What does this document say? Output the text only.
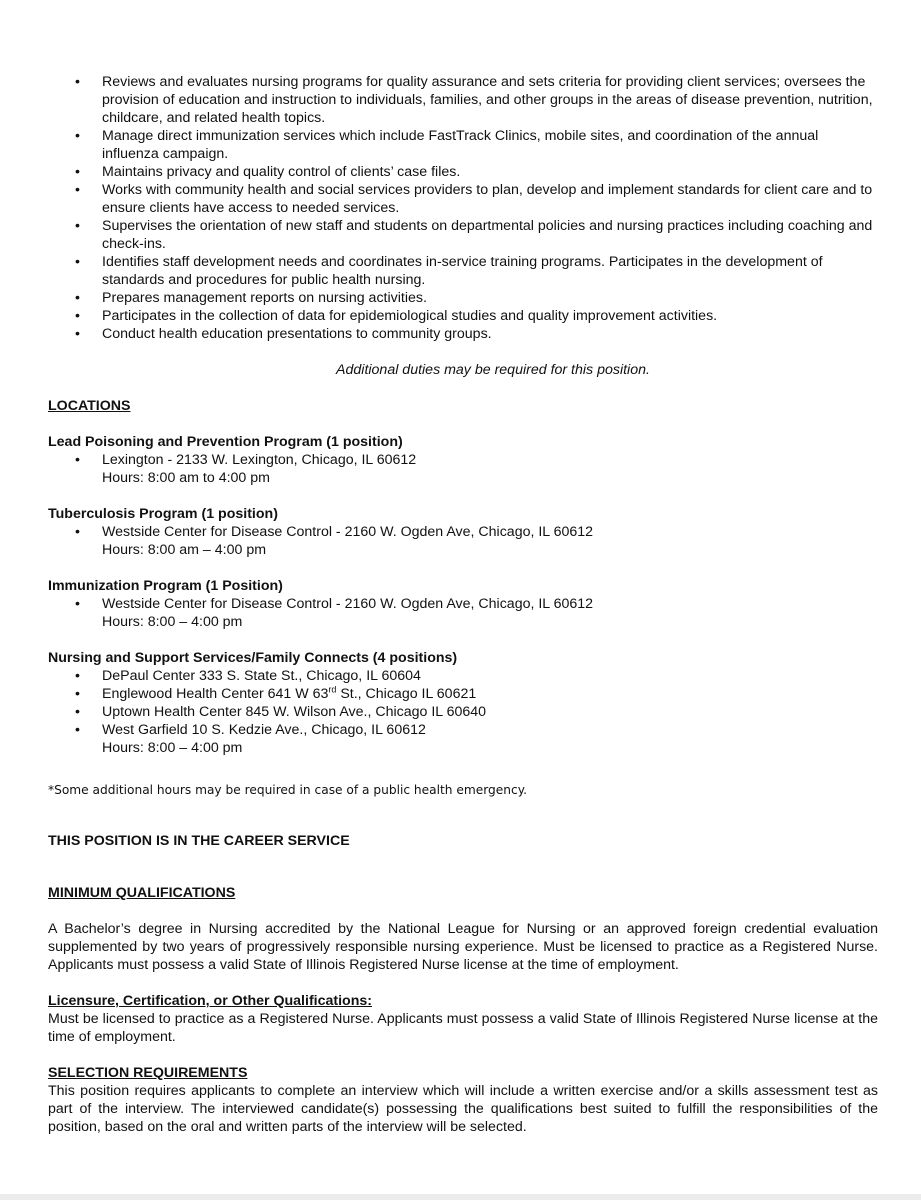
• Reviews and evaluates nursing programs for quality assurance and sets criteria for providing client services; oversees the provision of education and instruction to individuals, families, and other groups in the areas of disease prevention, nutrition, childcare, and related health topics.
• Manage direct immunization services which include FastTrack Clinics, mobile sites, and coordination of the annual influenza campaign.
• Maintains privacy and quality control of clients’ case files.
• Works with community health and social services providers to plan, develop and implement standards for client care and to ensure clients have access to needed services.
• Supervises the orientation of new staff and students on departmental policies and nursing practices including coaching and check-ins.
• Identifies staff development needs and coordinates in-service training programs. Participates in the development of standards and procedures for public health nursing.
• Prepares management reports on nursing activities.
• Participates in the collection of data for epidemiological studies and quality improvement activities.
• Conduct health education presentations to community groups.
Additional duties may be required for this position.
LOCATIONS
Lead Poisoning and Prevention Program (1 position)
• Lexington - 2133 W. Lexington, Chicago, IL 60612
Hours: 8:00 am to 4:00 pm
Tuberculosis Program (1 position)
• Westside Center for Disease Control - 2160 W. Ogden Ave, Chicago, IL 60612
Hours: 8:00 am – 4:00 pm
Immunization Program (1 Position)
• Westside Center for Disease Control - 2160 W. Ogden Ave, Chicago, IL 60612
Hours: 8:00 – 4:00 pm
Nursing and Support Services/Family Connects (4 positions)
• DePaul Center 333 S. State St., Chicago, IL 60604
• Englewood Health Center 641 W 63rd St., Chicago IL 60621
• Uptown Health Center 845 W. Wilson Ave., Chicago IL 60640
• West Garfield 10 S. Kedzie Ave., Chicago, IL 60612
Hours: 8:00 – 4:00 pm
*Some additional hours may be required in case of a public health emergency.
THIS POSITION IS IN THE CAREER SERVICE
MINIMUM QUALIFICATIONS
A Bachelor’s degree in Nursing accredited by the National League for Nursing or an approved foreign credential evaluation supplemented by two years of progressively responsible nursing experience. Must be licensed to practice as a Registered Nurse. Applicants must possess a valid State of Illinois Registered Nurse license at the time of employment.
Licensure, Certification, or Other Qualifications:
Must be licensed to practice as a Registered Nurse. Applicants must possess a valid State of Illinois Registered Nurse license at the time of employment.
SELECTION REQUIREMENTS
This position requires applicants to complete an interview which will include a written exercise and/or a skills assessment test as part of the interview. The interviewed candidate(s) possessing the qualifications best suited to fulfill the responsibilities of the position, based on the oral and written parts of the interview will be selected.
